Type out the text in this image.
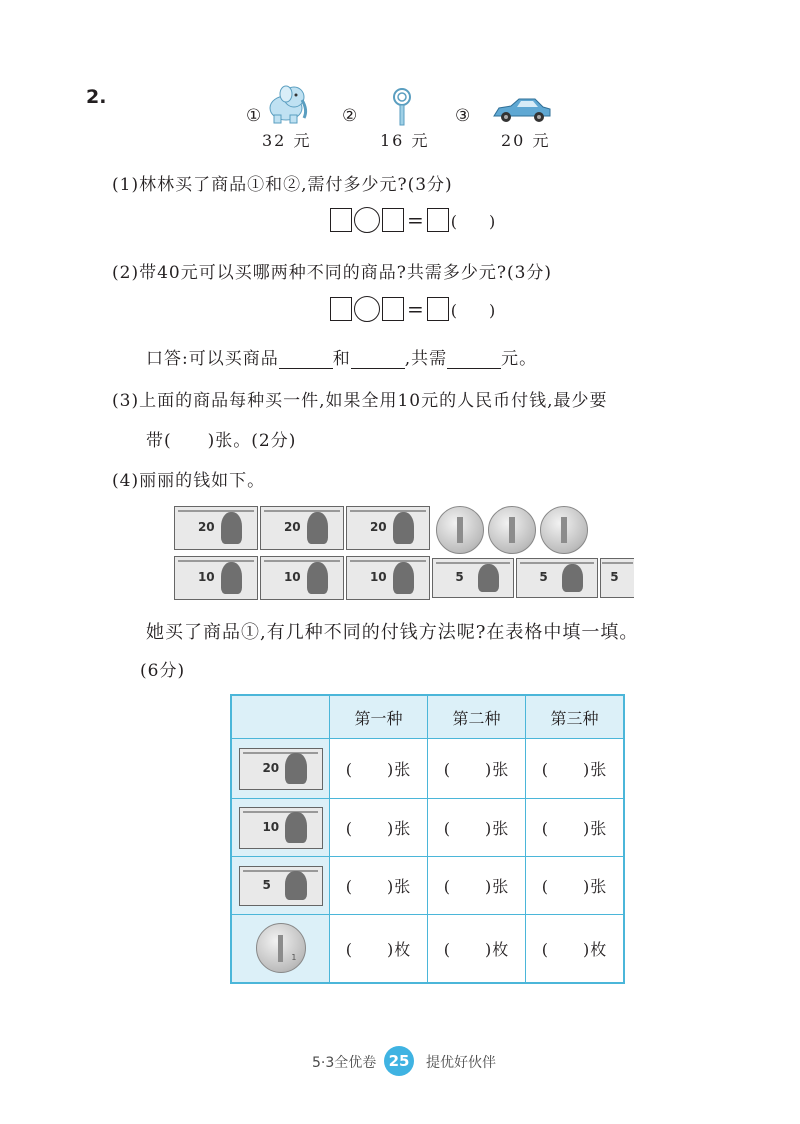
2.
①
32 元
②
16 元
③
20 元
(1)林林买了商品①和②,需付多少元?(3分)
= (　　)
(2)带40元可以买哪两种不同的商品?共需多少元?(3分)
= (　　)
口答:可以买商品	和	,共需	元。
(3)上面的商品每种买一件,如果全用10元的人民币付钱,最少要
带(　　)张。(2分)
(4)丽丽的钱如下。
20	20	20
10	10	10	5	5	5
她买了商品①,有几种不同的付钱方法呢?在表格中填一填。
(6分)
	第一种	第二种	第三种

20	(　　)张	(　　)张	(　　)张

10	(　　)张	(　　)张	(　　)张

5	(　　)张	(　　)张	(　　)张

1	(　　)枚	(　　)枚	(　　)枚
5·3全优卷 25	提优好伙伴
